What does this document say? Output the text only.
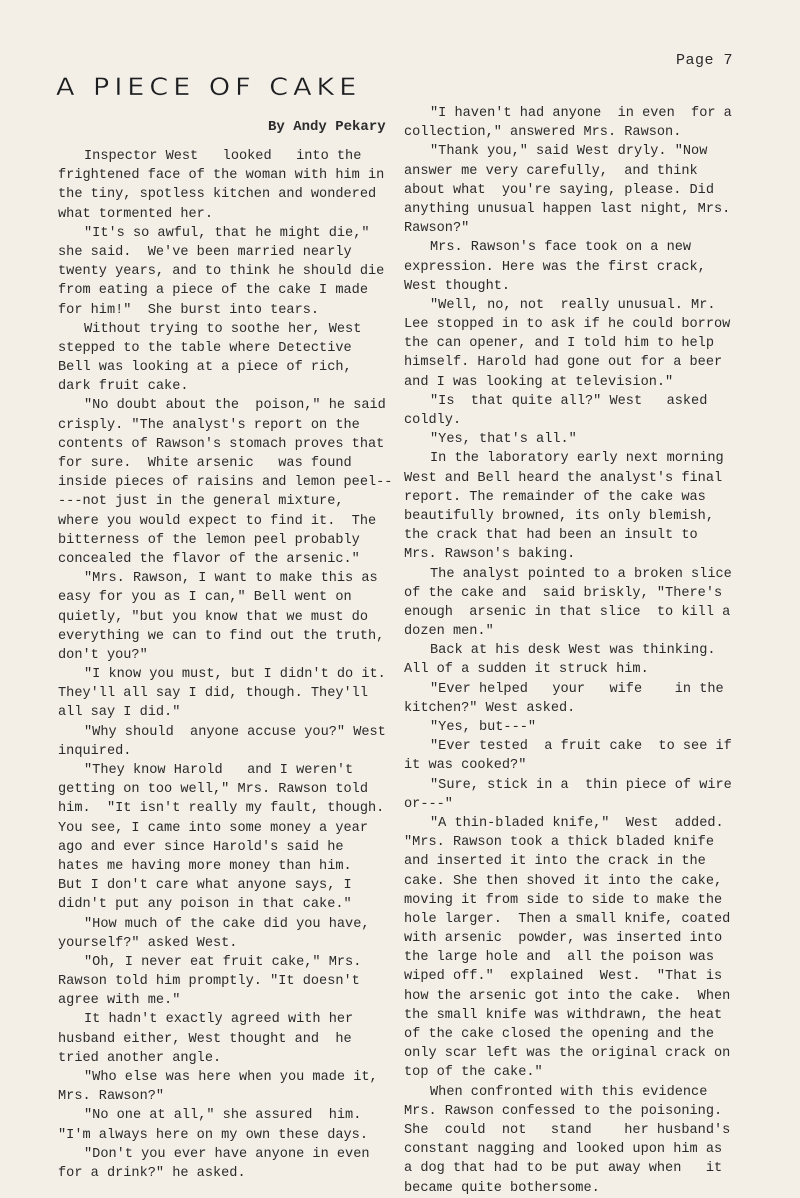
Page 7
A PIECE OF CAKE
By Andy Pekary
Inspector West   looked   into the
frightened face of the woman with him in
the tiny, spotless kitchen and wondered
what tormented her.
"It's so awful, that he might die,"
she said.  We've been married nearly
twenty years, and to think he should die
from eating a piece of the cake I made
for him!"  She burst into tears.
Without trying to soothe her, West
stepped to the table where Detective
Bell was looking at a piece of rich,
dark fruit cake.
"No doubt about the  poison," he said
crisply. "The analyst's report on the
contents of Rawson's stomach proves that
for sure.  White arsenic   was found
inside pieces of raisins and lemon peel--
---not just in the general mixture,
where you would expect to find it.  The
bitterness of the lemon peel probably
concealed the flavor of the arsenic."
"Mrs. Rawson, I want to make this as
easy for you as I can," Bell went on
quietly, "but you know that we must do
everything we can to find out the truth,
don't you?"
"I know you must, but I didn't do it.
They'll all say I did, though. They'll
all say I did."
"Why should  anyone accuse you?" West
inquired.
"They know Harold   and I weren't
getting on too well," Mrs. Rawson told
him.  "It isn't really my fault, though.
You see, I came into some money a year
ago and ever since Harold's said he
hates me having more money than him.
But I don't care what anyone says, I
didn't put any poison in that cake."
"How much of the cake did you have,
yourself?" asked West.
"Oh, I never eat fruit cake," Mrs.
Rawson told him promptly. "It doesn't
agree with me."
It hadn't exactly agreed with her
husband either, West thought and  he
tried another angle.
"Who else was here when you made it,
Mrs. Rawson?"
"No one at all," she assured  him.
"I'm always here on my own these days.
"Don't you ever have anyone in even
for a drink?" he asked.
"I haven't had anyone  in even  for a
collection," answered Mrs. Rawson.
"Thank you," said West dryly. "Now
answer me very carefully,  and think
about what  you're saying, please. Did
anything unusual happen last night, Mrs.
Rawson?"
Mrs. Rawson's face took on a new
expression. Here was the first crack,
West thought.
"Well, no, not  really unusual. Mr.
Lee stopped in to ask if he could borrow
the can opener, and I told him to help
himself. Harold had gone out for a beer
and I was looking at television."
"Is  that quite all?" West   asked
coldly.
"Yes, that's all."
In the laboratory early next morning
West and Bell heard the analyst's final
report. The remainder of the cake was
beautifully browned, its only blemish,
the crack that had been an insult to
Mrs. Rawson's baking.
The analyst pointed to a broken slice
of the cake and  said briskly, "There's
enough  arsenic in that slice  to kill a
dozen men."
Back at his desk West was thinking.
All of a sudden it struck him.
"Ever helped   your   wife    in the
kitchen?" West asked.
"Yes, but---"
"Ever tested  a fruit cake  to see if
it was cooked?"
"Sure, stick in a  thin piece of wire
or---"
"A thin-bladed knife,"  West  added.
"Mrs. Rawson took a thick bladed knife
and inserted it into the crack in the
cake. She then shoved it into the cake,
moving it from side to side to make the
hole larger.  Then a small knife, coated
with arsenic  powder, was inserted into
the large hole and  all the poison was
wiped off."  explained  West.  "That is
how the arsenic got into the cake.  When
the small knife was withdrawn, the heat
of the cake closed the opening and the
only scar left was the original crack on
top of the cake."
When confronted with this evidence
Mrs. Rawson confessed to the poisoning.
She  could  not   stand    her husband's
constant nagging and looked upon him as
a dog that had to be put away when   it
became quite bothersome.
